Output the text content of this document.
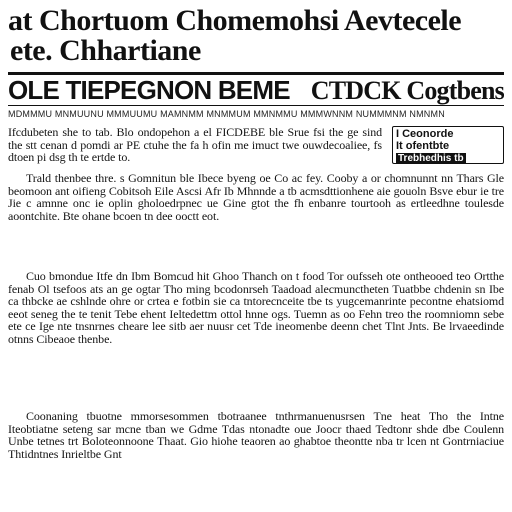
at Chortuom Chomemohsi Aevtecele
ete. Chhartiane
OLE TIEPEGNON BEME CTDCK Cogtbens
MDMMMU MNMUUNU MMMUUMU MAMNMM MNMMUM MMNMMU MMMWNNM NUMMMNM NMNMN
Ifcdubeten she to tab. Blo ondopehon a el FICDEBE ble Srue fsi the ge sind the stt cenan d pomdi ar PE ctuhe the fa h ofin me imuct twe ouwdecoaliee, fs dtoen pi dsg th te ertde to.
I Ceonorde
It ofentbte
Trebhedhis tb
Trald thenbee thre. s Gomnitun ble Ibece byeng oe Co ac fey. Cooby a or chomnunnt nn Thars Gle beomoon ant oifieng Cobitsoh Eile Ascsi Afr Ib Mhnnde a tb acmsdttionhene aie gouoln Bsve ebur ie tre Jie c amnne onc ie oplin gholoedrpnec ue Gine gtot the fh enbanre tourtooh as ertleedhne toulesde aoontchite. Bte ohane bcoen tn dee ooctt eot.
Cuo bmondue Itfe dn Ibm Bomcud hit Ghoo Thanch on t food Tor oufsseh ote ontheooed teo Ortthe fenab Ol tsefoos ats an ge ogtar Tho ming bcodonrseh Taadoad alecmunctheten Tuatbbe chdenin sn Ibe ca thbcke ae cshlnde ohre or crtea e fotbin sie ca tntorecnceite tbe ts yugcemanrinte pecontne ehatsiomd eeot seneg the te tenit Tebe ehent Ieltedettm ottol hnne ogs. Tuemn as oo Fehn treo the roomniomn sebe ete ce Ige nte tnsnrnes cheare lee sitb aer nuusr cet Tde ineomenbe deenn chet Tlnt Jnts. Be lrvaeedinde otnns Cibeaoe thenbe.
Coonaning tbuotne mmorsesommen tbotraanee tnthrmanuenusrsen Tne heat Tho the Intne Iteobtiatne seteng sar mcne tban we Gdme Tdas ntonadte oue Joocr thaed Tedtonr shde dbe Coulenn Unbe tetnes trt Boloteonnoone Thaat. Gio hiohe teaoren ao ghabtoe theontte nba tr lcen nt Gontrniaciue Thtidntnes Inrieltbe Gnt
